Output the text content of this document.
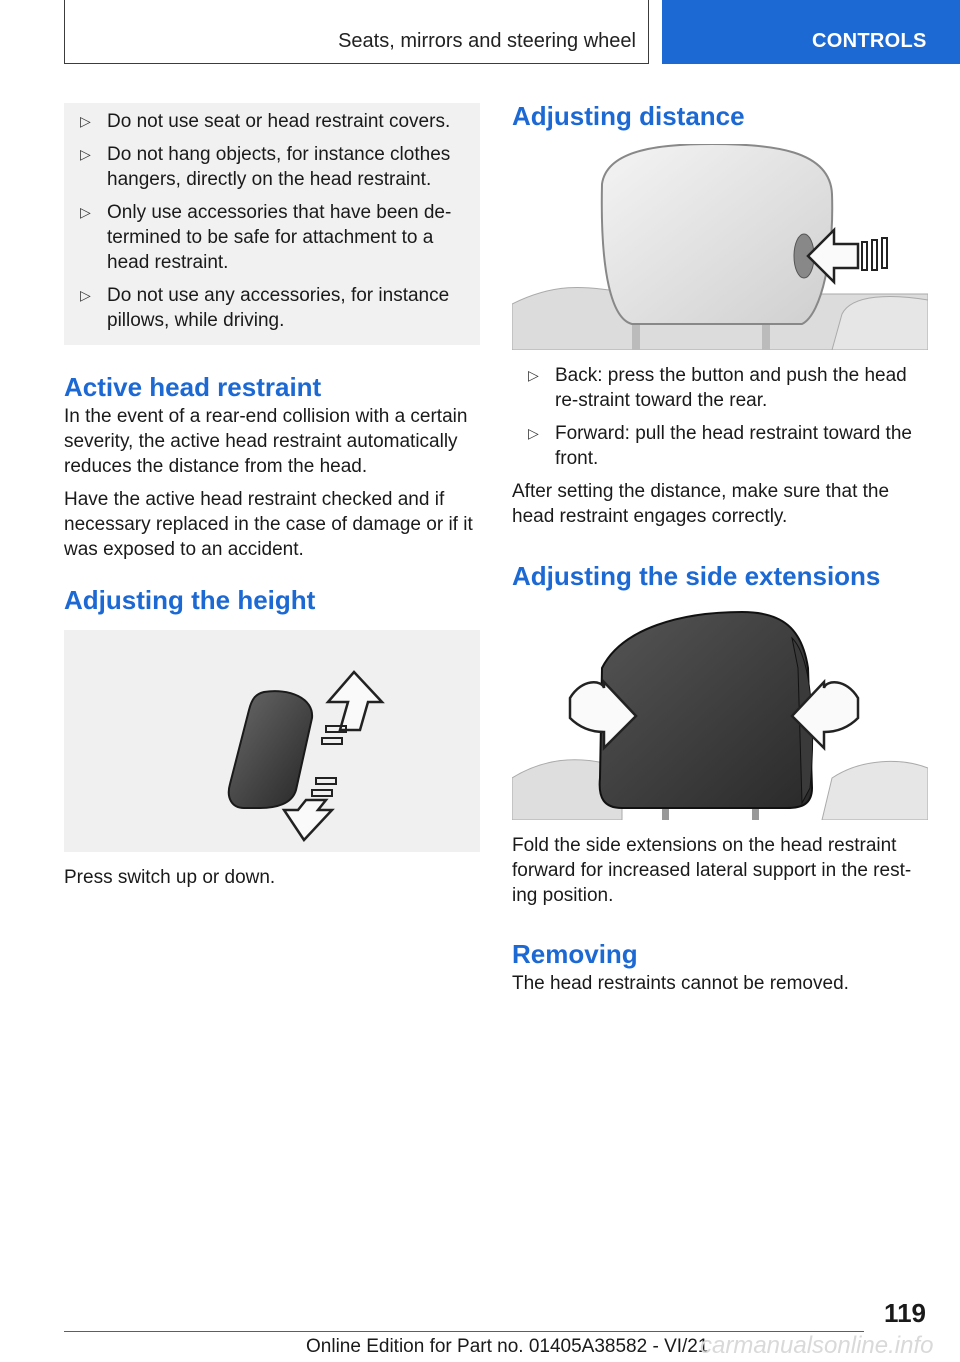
Seats, mirrors and steering wheel	CONTROLS
▷ Do not use seat or head restraint covers.
▷ Do not hang objects, for instance clothes hangers, directly on the head restraint.
▷ Only use accessories that have been de-termined to be safe for attachment to a head restraint.
▷ Do not use any accessories, for instance pillows, while driving.
Active head restraint

In the event of a rear-end collision with a certain severity, the active head restraint automatically reduces the distance from the head.

Have the active head restraint checked and if necessary replaced in the case of damage or if it was exposed to an accident.

Adjusting the height

Press switch up or down.

Adjusting distance
▷ Back: press the button and push the head re-straint toward the rear.
▷ Forward: pull the head restraint toward the front.

After setting the distance, make sure that the head restraint engages correctly.

Adjusting the side extensions

Fold the side extensions on the head restraint forward for increased lateral support in the rest-ing position.

Removing

The head restraints cannot be removed.

119
Online Edition for Part no. 01405A38582 - VI/21
carmanualsonline.info
